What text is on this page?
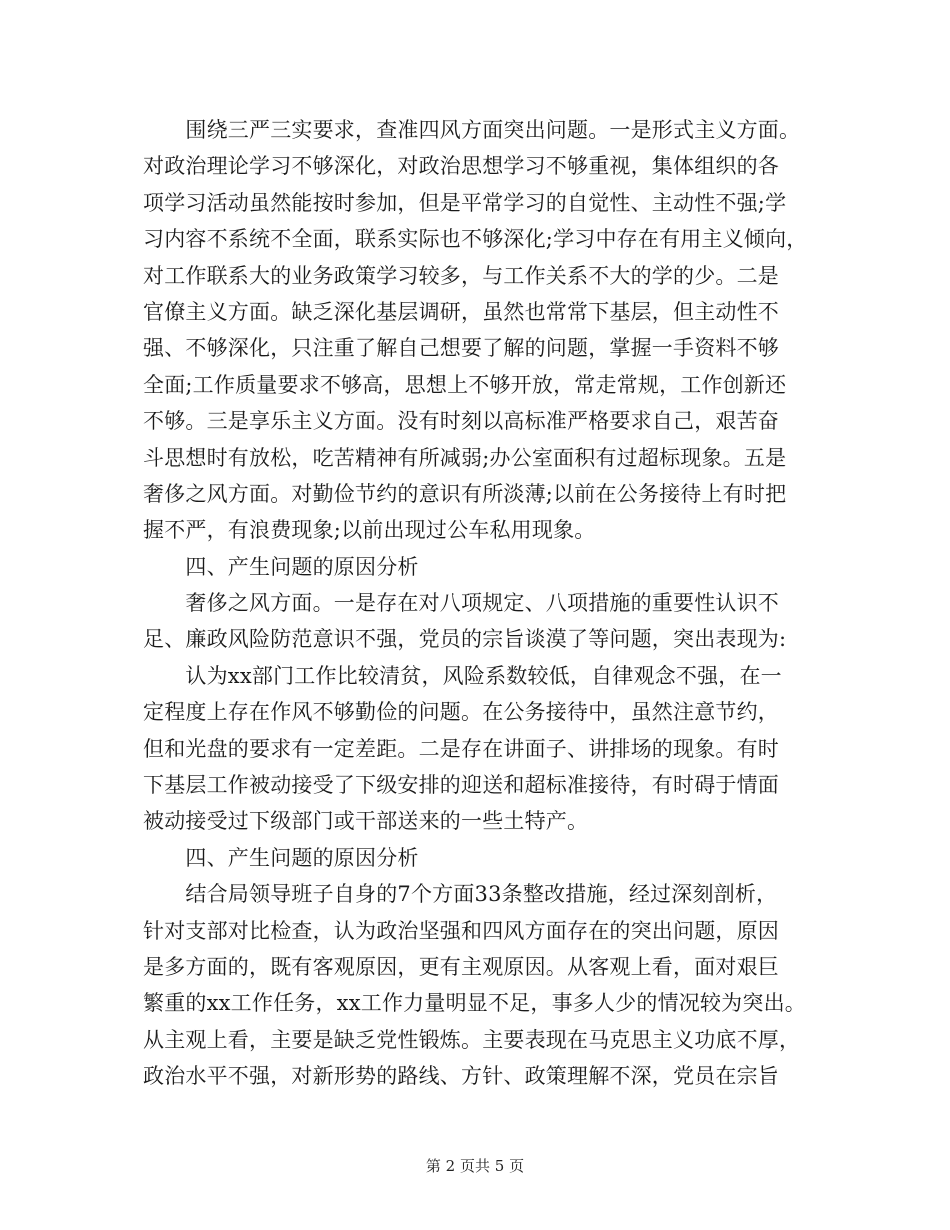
　　围绕三严三实要求，查准四风方面突出问题。一是形式主义方面。
对政治理论学习不够深化，对政治思想学习不够重视，集体组织的各
项学习活动虽然能按时参加，但是平常学习的自觉性、主动性不强;学
习内容不系统不全面，联系实际也不够深化;学习中存在有用主义倾向，
对工作联系大的业务政策学习较多，与工作关系不大的学的少。二是
官僚主义方面。缺乏深化基层调研，虽然也常常下基层，但主动性不
强、不够深化，只注重了解自己想要了解的问题，掌握一手资料不够
全面;工作质量要求不够高，思想上不够开放，常走常规，工作创新还
不够。三是享乐主义方面。没有时刻以高标准严格要求自己，艰苦奋
斗思想时有放松，吃苦精神有所减弱;办公室面积有过超标现象。五是
奢侈之风方面。对勤俭节约的意识有所淡薄;以前在公务接待上有时把
握不严，有浪费现象;以前出现过公车私用现象。
　　四、产生问题的原因分析
　　奢侈之风方面。一是存在对八项规定、八项措施的重要性认识不
足、廉政风险防范意识不强，党员的宗旨谈漠了等问题，突出表现为:
　　认为xx部门工作比较清贫，风险系数较低，自律观念不强，在一
定程度上存在作风不够勤俭的问题。在公务接待中，虽然注意节约，
但和光盘的要求有一定差距。二是存在讲面子、讲排场的现象。有时
下基层工作被动接受了下级安排的迎送和超标准接待，有时碍于情面
被动接受过下级部门或干部送来的一些土特产。
　　四、产生问题的原因分析
　　结合局领导班子自身的7个方面33条整改措施，经过深刻剖析，
针对支部对比检查，认为政治坚强和四风方面存在的突出问题，原因
是多方面的，既有客观原因，更有主观原因。从客观上看，面对艰巨
繁重的xx工作任务，xx工作力量明显不足，事多人少的情况较为突出。
从主观上看，主要是缺乏党性锻炼。主要表现在马克思主义功底不厚，
政治水平不强，对新形势的路线、方针、政策理解不深，党员在宗旨
第 2 页共 5 页
